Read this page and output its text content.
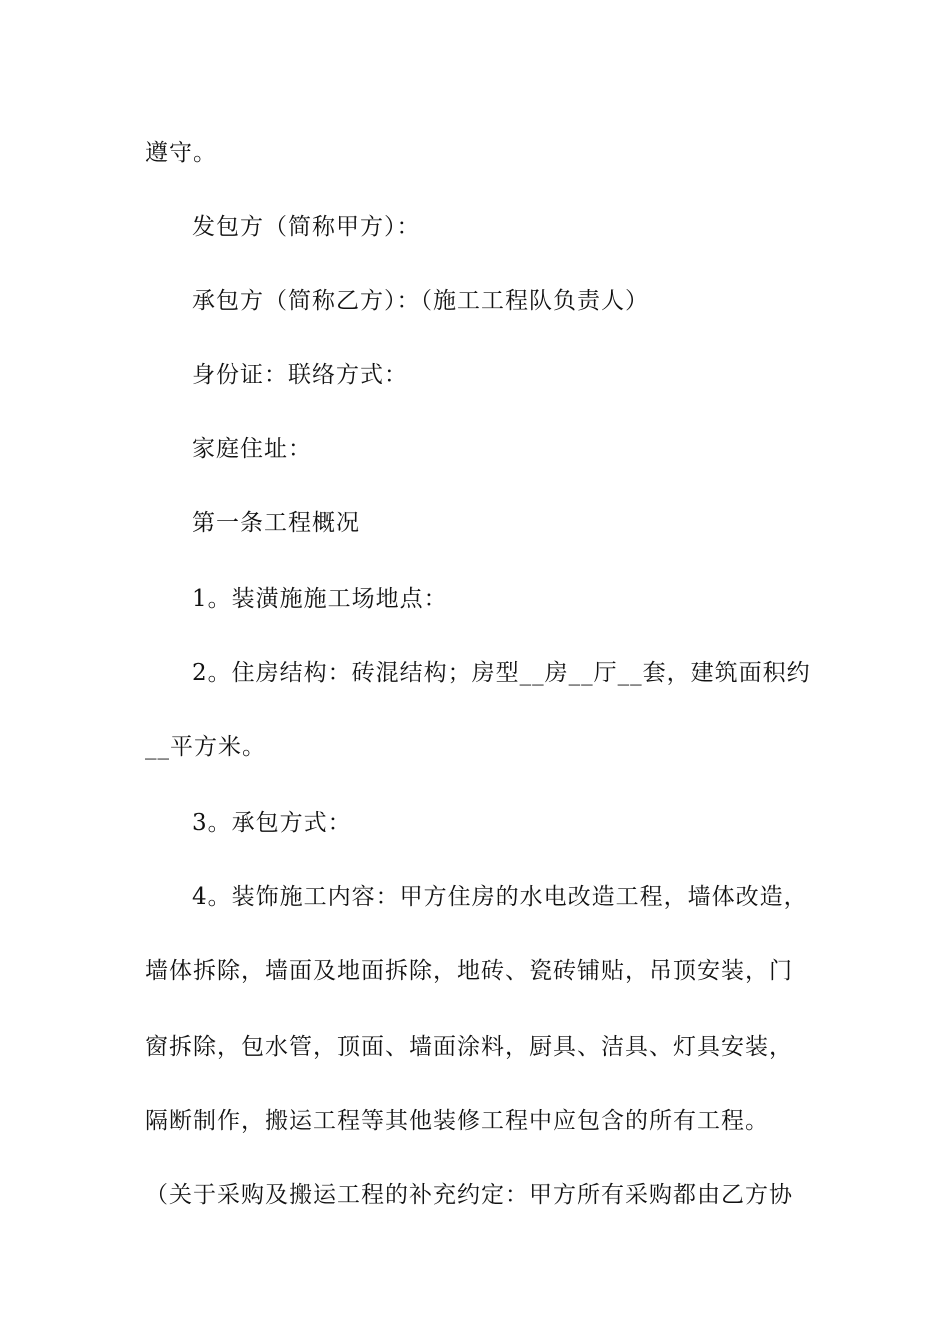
遵守。
发包方（简称甲方）：
承包方（简称乙方）：（施工工程队负责人）
身份证：联络方式：
家庭住址：
第一条工程概况
1。装潢施施工场地点：
2。住房结构：砖混结构；房型__房__厅__套，建筑面积约
__平方米。
3。承包方式：
4。装饰施工内容：甲方住房的水电改造工程，墙体改造，
墙体拆除，墙面及地面拆除，地砖、瓷砖铺贴，吊顶安装，门
窗拆除，包水管，顶面、墙面涂料，厨具、洁具、灯具安装，
隔断制作，搬运工程等其他装修工程中应包含的所有工程。
（关于采购及搬运工程的补充约定：甲方所有采购都由乙方协
